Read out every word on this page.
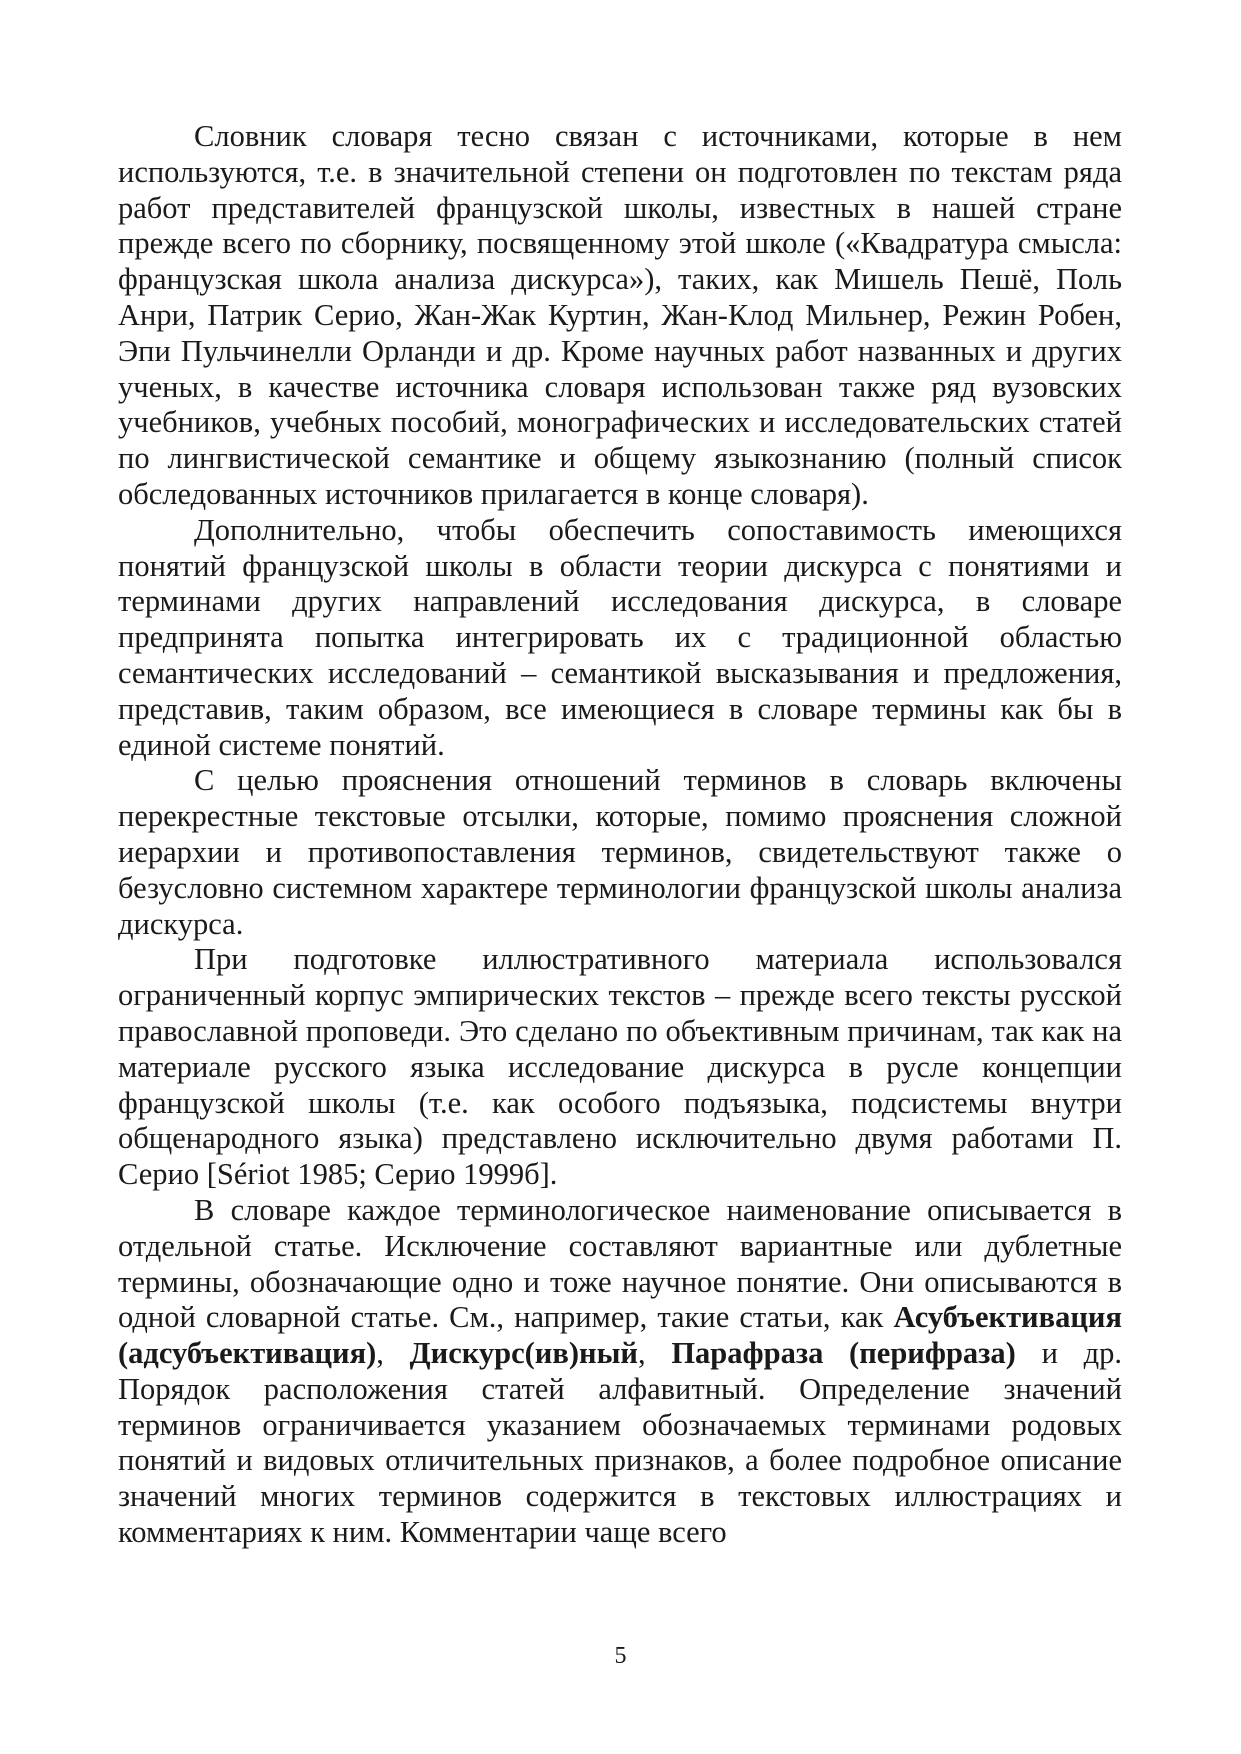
Словник словаря тесно связан с источниками, которые в нем используются, т.е. в значительной степени он подготовлен по текстам ряда работ представителей французской школы, известных в нашей стране прежде всего по сборнику, посвященному этой школе («Квадратура смысла: французская школа анализа дискурса»), таких, как Мишель Пешё, Поль Анри, Патрик Серио, Жан-Жак Куртин, Жан-Клод Мильнер, Режин Робен, Эпи Пульчинелли Орланди и др. Кроме научных работ названных и других ученых, в качестве источника словаря использован также ряд вузовских учебников, учебных пособий, монографических и исследовательских статей по лингвистической семантике и общему языкознанию (полный список обследованных источников прилагается в конце словаря).

Дополнительно, чтобы обеспечить сопоставимость имеющихся понятий французской школы в области теории дискурса с понятиями и терминами других направлений исследования дискурса, в словаре предпринята попытка интегрировать их с традиционной областью семантических исследований – семантикой высказывания и предложения, представив, таким образом, все имеющиеся в словаре термины как бы в единой системе понятий.

С целью прояснения отношений терминов в словарь включены перекрестные текстовые отсылки, которые, помимо прояснения сложной иерархии и противопоставления терминов, свидетельствуют также о безусловно системном характере терминологии французской школы анализа дискурса.

При подготовке иллюстративного материала использовался ограниченный корпус эмпирических текстов – прежде всего тексты русской православной проповеди. Это сделано по объективным причинам, так как на материале русского языка исследование дискурса в русле концепции французской школы (т.е. как особого подъязыка, подсистемы внутри общенародного языка) представлено исключительно двумя работами П. Серио [Sériot 1985; Серио 1999б].

В словаре каждое терминологическое наименование описывается в отдельной статье. Исключение составляют вариантные или дублетные термины, обозначающие одно и тоже научное понятие. Они описываются в одной словарной статье. См., например, такие статьи, как Асубъективация (адсубъективация), Дискурс(ив)ный, Парафраза (перифраза) и др. Порядок расположения статей алфавитный. Определение значений терминов ограничивается указанием обозначаемых терминами родовых понятий и видовых отличительных признаков, а более подробное описание значений многих терминов содержится в текстовых иллюстрациях и комментариях к ним. Комментарии чаще всего

5
